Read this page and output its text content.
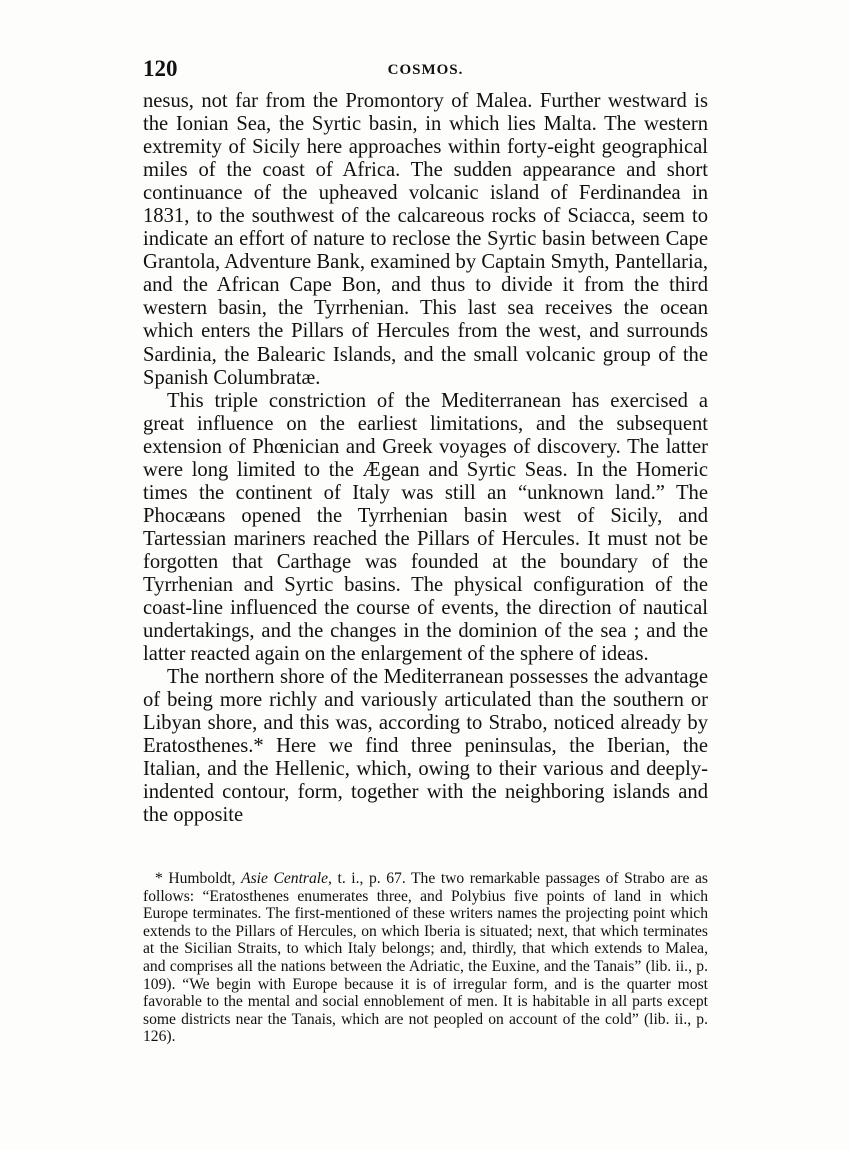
120	COSMOS.

nesus, not far from the Promontory of Malea. Further westward is the Ionian Sea, the Syrtic basin, in which lies Malta. The western extremity of Sicily here approaches within forty-eight geographical miles of the coast of Africa. The sudden appearance and short continuance of the upheaved volcanic island of Ferdinandea in 1831, to the southwest of the calcareous rocks of Sciacca, seem to indicate an effort of nature to reclose the Syrtic basin between Cape Grantola, Adventure Bank, examined by Captain Smyth, Pantellaria, and the African Cape Bon, and thus to divide it from the third western basin, the Tyrrhenian. This last sea receives the ocean which enters the Pillars of Hercules from the west, and surrounds Sardinia, the Balearic Islands, and the small volcanic group of the Spanish Columbratæ.

This triple constriction of the Mediterranean has exercised a great influence on the earliest limitations, and the subsequent extension of Phœnician and Greek voyages of discovery. The latter were long limited to the Ægean and Syrtic Seas. In the Homeric times the continent of Italy was still an “unknown land.” The Phocæans opened the Tyrrhenian basin west of Sicily, and Tartessian mariners reached the Pillars of Hercules. It must not be forgotten that Carthage was founded at the boundary of the Tyrrhenian and Syrtic basins. The physical configuration of the coast-line influenced the course of events, the direction of nautical undertakings, and the changes in the dominion of the sea ; and the latter reacted again on the enlargement of the sphere of ideas.

The northern shore of the Mediterranean possesses the advantage of being more richly and variously articulated than the southern or Libyan shore, and this was, according to Strabo, noticed already by Eratosthenes.* Here we find three peninsulas, the Iberian, the Italian, and the Hellenic, which, owing to their various and deeply-indented contour, form, together with the neighboring islands and the opposite

* Humboldt, Asie Centrale, t. i., p. 67. The two remarkable passages of Strabo are as follows: “Eratosthenes enumerates three, and Polybius five points of land in which Europe terminates. The first-mentioned of these writers names the projecting point which extends to the Pillars of Hercules, on which Iberia is situated; next, that which terminates at the Sicilian Straits, to which Italy belongs; and, thirdly, that which extends to Malea, and comprises all the nations between the Adriatic, the Euxine, and the Tanais” (lib. ii., p. 109). “We begin with Europe because it is of irregular form, and is the quarter most favorable to the mental and social ennoblement of men. It is habitable in all parts except some districts near the Tanais, which are not peopled on account of the cold” (lib. ii., p. 126).
